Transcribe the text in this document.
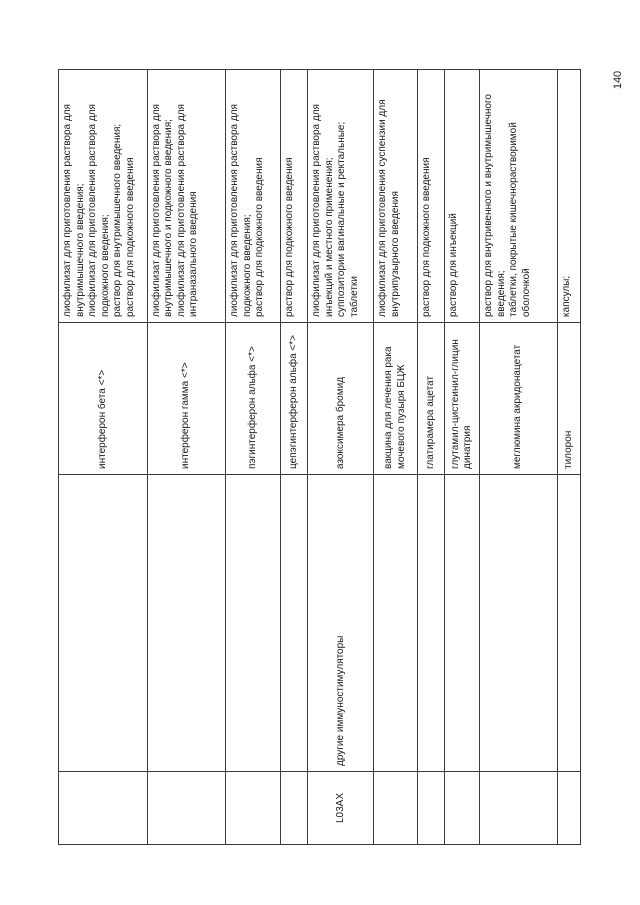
		интерферон бета <*>	лиофилизат для приготовления раствора для внутримышечного введения; лиофилизат для приготовления раствора для подкожного введения; раствор для внутримышечного введения; раствор для подкожного введения

		интерферон гамма <*>	лиофилизат для приготовления раствора для внутримышечного и подкожного введения; лиофилизат для приготовления раствора для интраназального введения

		пэгинтерферон альфа <*>	лиофилизат для приготовления раствора для подкожного введения; раствор для подкожного введения

		цепэгинтерферон альфа <*>	раствор для подкожного введения

L03AX	другие иммуностимуляторы	азоксимера бромид	лиофилизат для приготовления раствора для инъекций и местного применения; суппозитории вагинальные и ректальные; таблетки

		вакцина для лечения рака мочевого пузыря БЦЖ	лиофилизат для приготовления суспензии для внутрипузырного введения

		глатирамера ацетат	раствор для подкожного введения

		глутамил-цистеинил-глицин динатрия	раствор для инъекций

		меглюмина акридонацетат	раствор для внутривенного и внутримышечного введения; таблетки, покрытые кишечнорастворимой оболочкой

		тилорон	капсулы;
140
